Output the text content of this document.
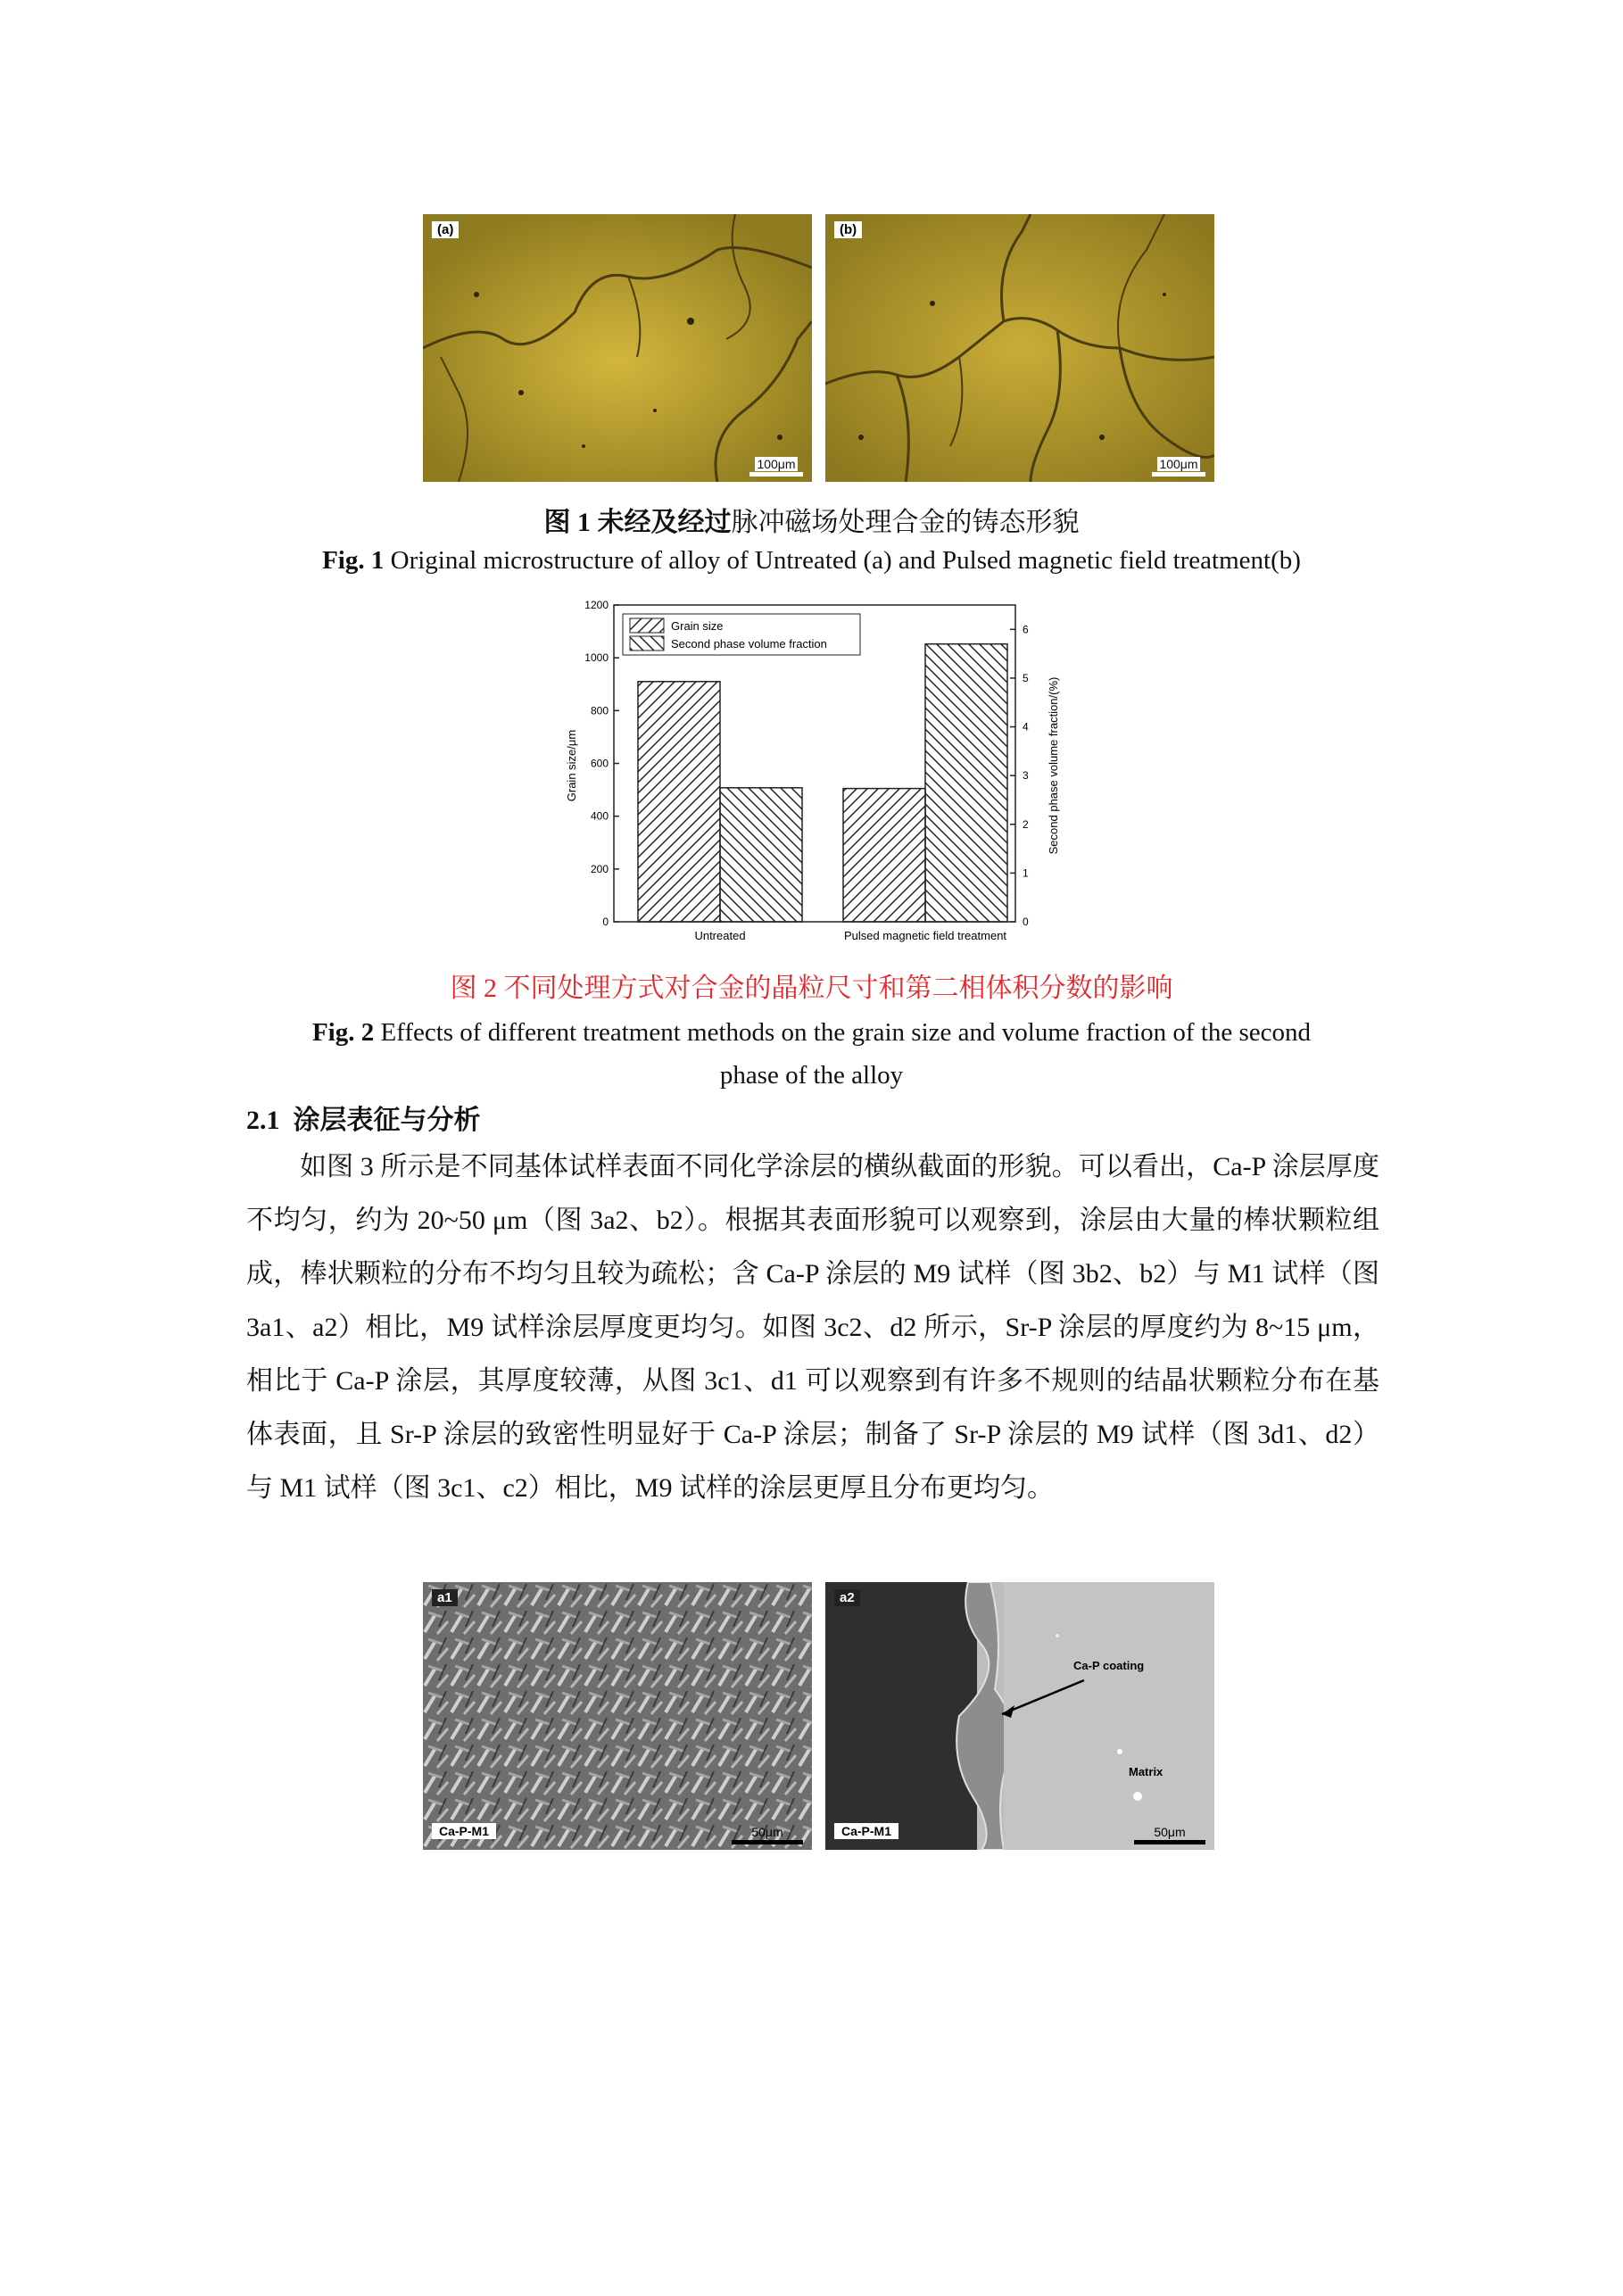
(a)
100μm
(b)
100μm
图 1 未经及经过脉冲磁场处理合金的铸态形貌
Fig. 1 Original microstructure of alloy of Untreated (a) and Pulsed magnetic field treatment(b)
0
200
400
600
800
1000
1200
0
1
2
3
4
5
6
Untreated	Pulsed magnetic field treatment
Grain size/μm	Second phase volume fraction/(%)
Grain size
Second phase volume fraction
图 2 不同处理方式对合金的晶粒尺寸和第二相体积分数的影响
Fig. 2 Effects of different treatment methods on the grain size and volume fraction of the second
phase of the alloy
2.1 涂层表征与分析

如图 3 所示是不同基体试样表面不同化学涂层的横纵截面的形貌。可以看出，Ca-P 涂层厚度不均匀，约为 20~50 μm（图 3a2、b2）。根据其表面形貌可以观察到，涂层由大量的棒状颗粒组成，棒状颗粒的分布不均匀且较为疏松；含 Ca-P 涂层的 M9 试样（图 3b2、b2）与 M1 试样（图 3a1、a2）相比，M9 试样涂层厚度更均匀。如图 3c2、d2 所示，Sr-P 涂层的厚度约为 8~15 μm，相比于 Ca-P 涂层，其厚度较薄，从图 3c1、d1 可以观察到有许多不规则的结晶状颗粒分布在基体表面，且 Sr-P 涂层的致密性明显好于 Ca-P 涂层；制备了 Sr-P 涂层的 M9 试样（图 3d1、d2）与 M1 试样（图 3c1、c2）相比，M9 试样的涂层更厚且分布更均匀。

a1
Ca-P-M1	50μm
a2
Ca-P coating
Matrix
Ca-P-M1	50μm
